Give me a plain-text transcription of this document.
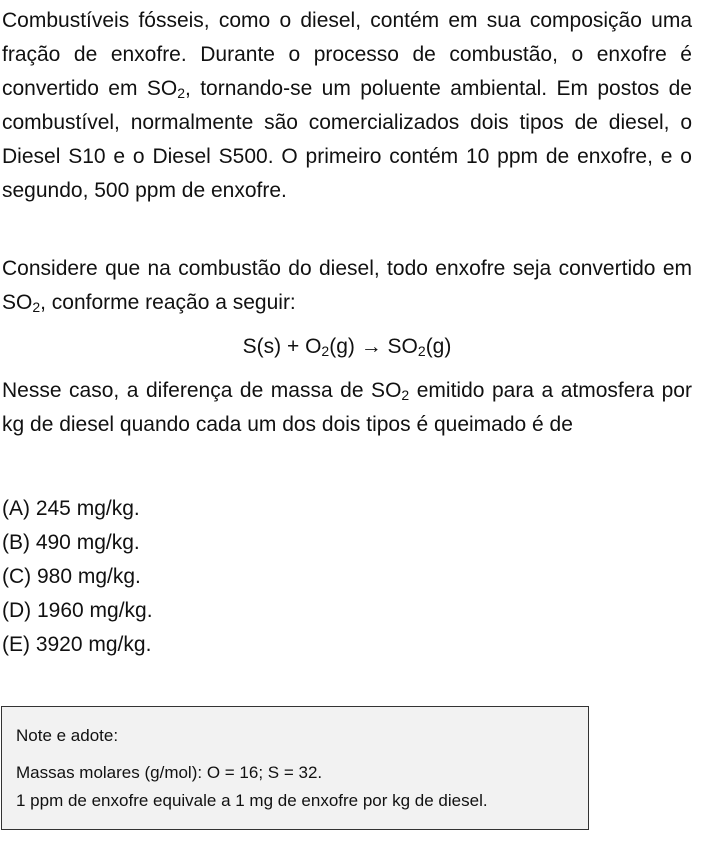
Combustíveis fósseis, como o diesel, contém em sua composição uma fração de enxofre. Durante o processo de combustão, o enxofre é convertido em $SO_2$, tornando-se um poluente ambiental. Em postos de combustível, normalmente são comercializados dois tipos de diesel, o Diesel S10 e o Diesel S500. O primeiro contém 10 ppm de enxofre, e o segundo, 500 ppm de enxofre.

Considere que na combustão do diesel, todo enxofre seja convertido em $SO_2$, conforme reação a seguir:

$S(s) + O_2(g) \to SO_2(g)$

Nesse caso, a diferença de massa de $SO_2$ emitido para a atmosfera por kg de diesel quando cada um dos dois tipos é queimado é de

(A) 245 mg/kg.
(B) 490 mg/kg.
(C) 980 mg/kg.
(D) 1960 mg/kg.
(E) 3920 mg/kg.

Note e adote:

Massas molares (g/mol): O = 16; S = 32.

1 ppm de enxofre equivale a 1 mg de enxofre por kg de diesel.
